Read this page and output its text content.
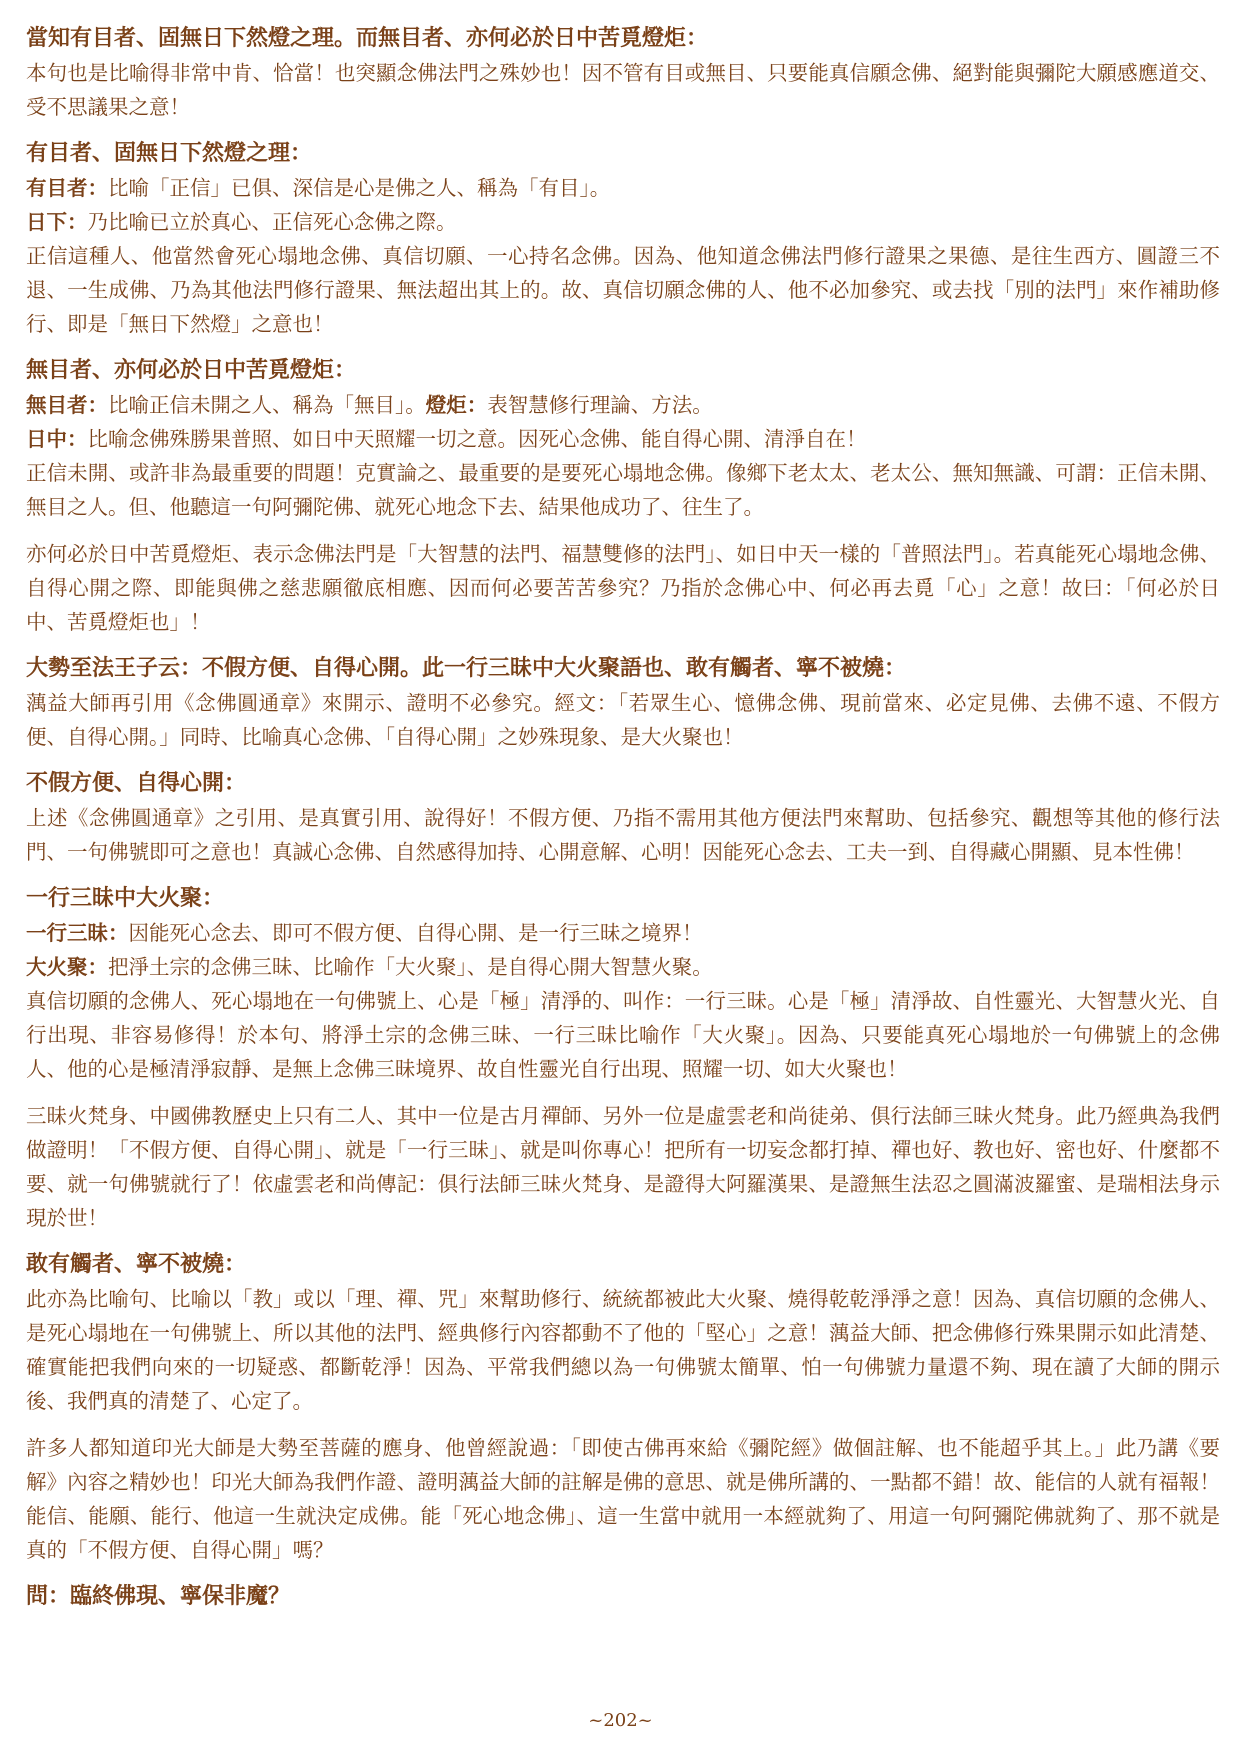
當知有目者、固無日下然燈之理。而無目者、亦何必於日中苦覓燈炬：

本句也是比喻得非常中肯、恰當！也突顯念佛法門之殊妙也！因不管有目或無目、只要能真信願念佛、絕對能與彌陀大願感應道交、受不思議果之意！

有目者、固無日下然燈之理：

有目者：比喻「正信」已俱、深信是心是佛之人、稱為「有目」。

日下：乃比喻已立於真心、正信死心念佛之際。

正信這種人、他當然會死心塌地念佛、真信切願、一心持名念佛。因為、他知道念佛法門修行證果之果德、是往生西方、圓證三不退、一生成佛、乃為其他法門修行證果、無法超出其上的。故、真信切願念佛的人、他不必加參究、或去找「別的法門」來作補助修行、即是「無日下然燈」之意也！

無目者、亦何必於日中苦覓燈炬：

無目者：比喻正信未開之人、稱為「無目」。燈炬：表智慧修行理論、方法。

日中：比喻念佛殊勝果普照、如日中天照耀一切之意。因死心念佛、能自得心開、清淨自在！

正信未開、或許非為最重要的問題！克實論之、最重要的是要死心塌地念佛。像鄉下老太太、老太公、無知無識、可謂：正信未開、無目之人。但、他聽這一句阿彌陀佛、就死心地念下去、結果他成功了、往生了。

亦何必於日中苦覓燈炬、表示念佛法門是「大智慧的法門、福慧雙修的法門」、如日中天一樣的「普照法門」。若真能死心塌地念佛、自得心開之際、即能與佛之慈悲願徹底相應、因而何必要苦苦參究？乃指於念佛心中、何必再去覓「心」之意！故曰：「何必於日中、苦覓燈炬也」！

大勢至法王子云：不假方便、自得心開。此一行三昧中大火聚語也、敢有觸者、寧不被燒：

蕅益大師再引用《念佛圓通章》來開示、證明不必參究。經文：「若眾生心、憶佛念佛、現前當來、必定見佛、去佛不遠、不假方便、自得心開。」同時、比喻真心念佛、「自得心開」之妙殊現象、是大火聚也！

不假方便、自得心開：

上述《念佛圓通章》之引用、是真實引用、說得好！不假方便、乃指不需用其他方便法門來幫助、包括參究、觀想等其他的修行法門、一句佛號即可之意也！真誠心念佛、自然感得加持、心開意解、心明！因能死心念去、工夫一到、自得藏心開顯、見本性佛！

一行三昧中大火聚：

一行三昧：因能死心念去、即可不假方便、自得心開、是一行三昧之境界！

大火聚：把淨土宗的念佛三昧、比喻作「大火聚」、是自得心開大智慧火聚。

真信切願的念佛人、死心塌地在一句佛號上、心是「極」清淨的、叫作：一行三昧。心是「極」清淨故、自性靈光、大智慧火光、自行出現、非容易修得！於本句、將淨土宗的念佛三昧、一行三昧比喻作「大火聚」。因為、只要能真死心塌地於一句佛號上的念佛人、他的心是極清淨寂靜、是無上念佛三昧境界、故自性靈光自行出現、照耀一切、如大火聚也！

三昧火梵身、中國佛教歷史上只有二人、其中一位是古月禪師、另外一位是虛雲老和尚徒弟、俱行法師三昧火梵身。此乃經典為我們做證明！「不假方便、自得心開」、就是「一行三昧」、就是叫你專心！把所有一切妄念都打掉、禪也好、教也好、密也好、什麼都不要、就一句佛號就行了！依虛雲老和尚傳記：俱行法師三昧火梵身、是證得大阿羅漢果、是證無生法忍之圓滿波羅蜜、是瑞相法身示現於世！

敢有觸者、寧不被燒：

此亦為比喻句、比喻以「教」或以「理、禪、咒」來幫助修行、統統都被此大火聚、燒得乾乾淨淨之意！因為、真信切願的念佛人、是死心塌地在一句佛號上、所以其他的法門、經典修行內容都動不了他的「堅心」之意！蕅益大師、把念佛修行殊果開示如此清楚、確實能把我們向來的一切疑惑、都斷乾淨！因為、平常我們總以為一句佛號太簡單、怕一句佛號力量還不夠、現在讀了大師的開示後、我們真的清楚了、心定了。

許多人都知道印光大師是大勢至菩薩的應身、他曾經說過：「即使古佛再來給《彌陀經》做個註解、也不能超乎其上。」此乃講《要解》內容之精妙也！印光大師為我們作證、證明蕅益大師的註解是佛的意思、就是佛所講的、一點都不錯！故、能信的人就有福報！能信、能願、能行、他這一生就決定成佛。能「死心地念佛」、這一生當中就用一本經就夠了、用這一句阿彌陀佛就夠了、那不就是真的「不假方便、自得心開」嗎？

問：臨終佛現、寧保非魔？
~202~
